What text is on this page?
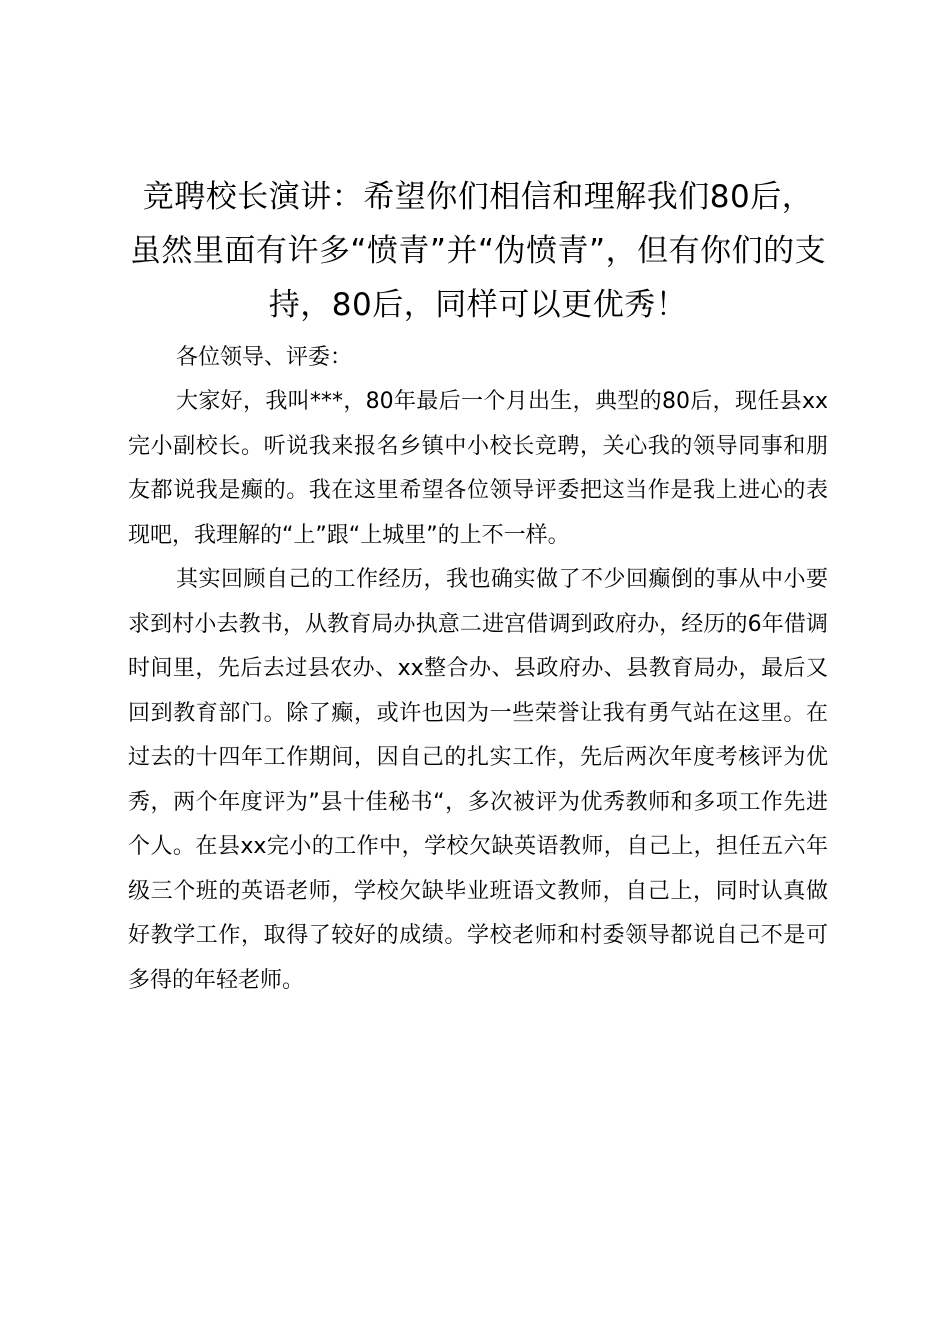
竞聘校长演讲：希望你们相信和理解我们80后，虽然里面有许多“愤青”并“伪愤青”，但有你们的支持，80后，同样可以更优秀！

各位领导、评委：

大家好，我叫***，80年最后一个月出生，典型的80后，现任县xx完小副校长。听说我来报名乡镇中小校长竞聘，关心我的领导同事和朋友都说我是癫的。我在这里希望各位领导评委把这当作是我上进心的表现吧，我理解的“上”跟“上城里”的上不一样。

其实回顾自己的工作经历，我也确实做了不少回癫倒的事从中小要求到村小去教书，从教育局办执意二进宫借调到政府办，经历的6年借调时间里，先后去过县农办、xx整合办、县政府办、县教育局办，最后又回到教育部门。除了癫，或许也因为一些荣誉让我有勇气站在这里。在过去的十四年工作期间，因自己的扎实工作，先后两次年度考核评为优秀，两个年度评为”县十佳秘书“，多次被评为优秀教师和多项工作先进个人。在县xx完小的工作中，学校欠缺英语教师，自己上，担任五六年级三个班的英语老师，学校欠缺毕业班语文教师，自己上，同时认真做好教学工作，取得了较好的成绩。学校老师和村委领导都说自己不是可多得的年轻老师。
